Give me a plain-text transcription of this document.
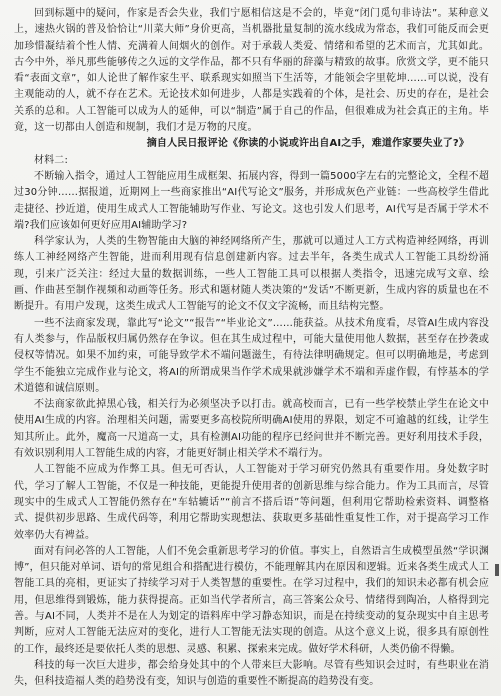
回到标题中的疑问，作家是否会失业，我们宁愿相信这是不会的，毕竟“闭门觅句非诗法”。某种意义上，速热火锅的普及恰恰让“川菜大师”身价更高，当机器批量复制的流水线成为常态，我们可能反而会更加珍惜凝结着个性人情、充满着人间烟火的创作。对于承载人类爱、情绪和希望的艺术而言，尤其如此。古今中外，举凡那些能够传之久远的文学作品，都不只有华丽的辞藻与精致的故事。欣赏文学，更不能只看“表面文章”，如人论世了解作家生平、联系现实如照当下生活等，才能领会字里乾坤……可以说，没有主观能动的人，就不存在艺术。无论技术如何进步，人都是实践着的个体，是社会、历史的存在，是社会关系的总和。人工智能可以成为人的延伸，可以“制造”属于自己的作品，但很难成为社会真正的主角。毕竟，这一切都由人创造和规制，我们才是万物的尺度。

摘自人民日报评论《你读的小说或许出自AI之手，难道作家要失业了?》

材料二:

不断输入指令，通过人工智能应用生成框架、拓展内容，得到一篇5000字左右的完整论文，全程不超过30分钟……据报道，近期网上一些商家推出“AI代写论文”服务，并形成灰色产业链：一些高校学生借此走捷径、抄近道，使用生成式人工智能辅助写作业、写论文。这也引发人们思考，AI代写是否属于学术不端?我们应该如何更好应用AI辅助学习?

科学家认为，人类的生物智能由大脑的神经网络所产生，那就可以通过人工方式构造神经网络，再训练人工神经网络产生智能，进而利用现有信息创建新内容。过去半年，各类生成式人工智能工具纷纷涌现，引来广泛关注：经过大量的数据训练，一些人工智能工具可以根据人类指令，迅速完成写文章、绘画、作曲甚至制作视频和动画等任务。形式和题材随人类决策的“发话”不断更新，生成内容的质量也在不断提升。有用户发现，这类生成式人工智能写的论文不仅文字流畅，而且结构完整。

一些不法商家发现，靠此写“论文”“报告”“毕业论文”……能获益。从技术角度看，尽管AI生成内容没有人类参与，作品版权归属仍然存在争议。但在其生成过程中，可能大量使用他人数据，甚至存在抄袭或侵权等情况。如果不加约束，可能导致学术不端问题滋生，有待法律明确规定。但可以明确地是，考虑到学生不能独立完成作业与论文，将AI的所谓成果当作学术成果就涉嫌学术不端和弄虚作假，有悖基本的学术道德和诚信原则。

不法商家欲此掉黑心钱，相关行为必须坚决予以打击。就高校而言，已有一些学校禁止学生在论文中使用AI生成的内容。治理相关问题，需要更多高校院所明确AI使用的界限，划定不可逾越的红线，让学生知其所止。此外，魔高一尺道高一丈，具有检测AI功能的程序已经问世并不断完善。更好利用技术手段，有效识别利用人工智能生成的内容，才能更好制止相关学术不端行为。

人工智能不应成为作弊工具。但无可否认，人工智能对于学习研究仍然具有重要作用。身处数字时代，学习了解人工智能，不仅是一种技能，更能提升使用者的创新思维与综合能力。作为工具而言，尽管现实中的生成式人工智能仍然存在“车轱辘话”“前言不搭后语”等问题，但利用它帮助检索资料、调整格式、提供初步思路、生成代码等，利用它帮助实现想法、获取更多基础性重复性工作，对于提高学习工作效率仍大有裨益。

面对有问必答的人工智能，人们不免会重新思考学习的价值。事实上，自然语言生成模型虽然“学识渊博”，但只能对单词、语句的常见组合和搭配进行模仿，不能理解其内在原因和逻辑。近来各类生成式人工智能工具的亮相，更证实了持续学习对于人类智慧的重要性。在学习过程中，我们的知识未必都有机会应用，但思维得到锻炼，能力获得提高。正如当代学者所言，高三答案公众号、情绪得到陶冶，人格得到完善。与AI不同，人类并不是在人为划定的语料库中学习静态知识，而是在持续变动的复杂现实中自主思考判断，应对人工智能无法应对的变化，进行人工智能无法实现的创造。从这个意义上说，很多具有原创性的工作，最终还是要依托人类的思想、灵感、积累、探索来完成。做好学术科研，人类仍偷不得懒。

科技的每一次巨大进步，都会给身处其中的个人带来巨大影响。尽管有些知识会过时，有些职业在消失，但科技造福人类的趋势没有变，知识与创造的重要性不断提高的趋势没有变。
